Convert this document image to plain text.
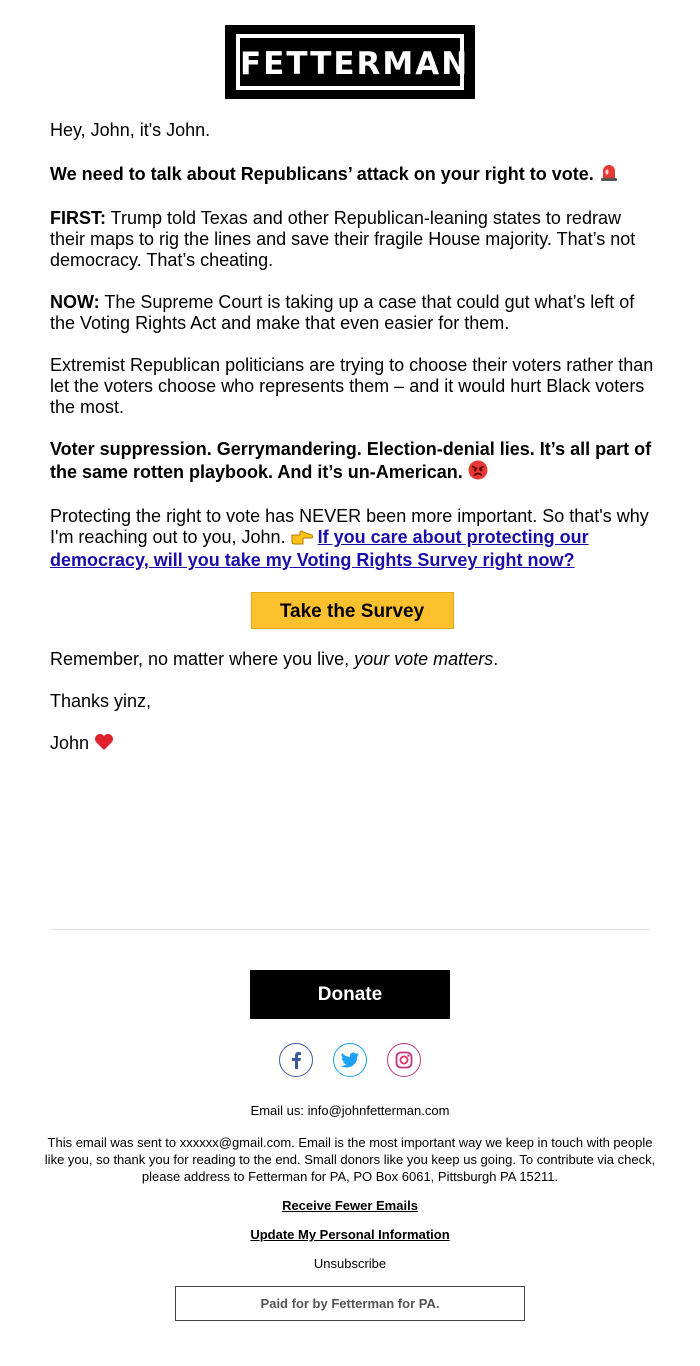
FETTERMAN

Hey, John, it's John.

We need to talk about Republicans’ attack on your right to vote.

FIRST: Trump told Texas and other Republican-leaning states to redraw their maps to rig the lines and save their fragile House majority. That’s not democracy. That’s cheating.

NOW: The Supreme Court is taking up a case that could gut what’s left of the Voting Rights Act and make that even easier for them.

Extremist Republican politicians are trying to choose their voters rather than let the voters choose who represents them – and it would hurt Black voters the most.

Voter suppression. Gerrymandering. Election-denial lies. It’s all part of the same rotten playbook. And it’s un-American.

Protecting the right to vote has NEVER been more important. So that's why I'm reaching out to you, John. If you care about protecting our democracy, will you take my Voting Rights Survey right now?

Take the Survey

Remember, no matter where you live, your vote matters.

Thanks yinz,

John

Donate

Email us: info@johnfetterman.com
This email was sent to xxxxxx@gmail.com. Email is the most important way we keep in touch with people like you, so thank you for reading to the end. Small donors like you keep us going. To contribute via check, please address to Fetterman for PA, PO Box 6061, Pittsburgh PA 15211.
Receive Fewer Emails
Update My Personal Information
Unsubscribe
Paid for by Fetterman for PA.
